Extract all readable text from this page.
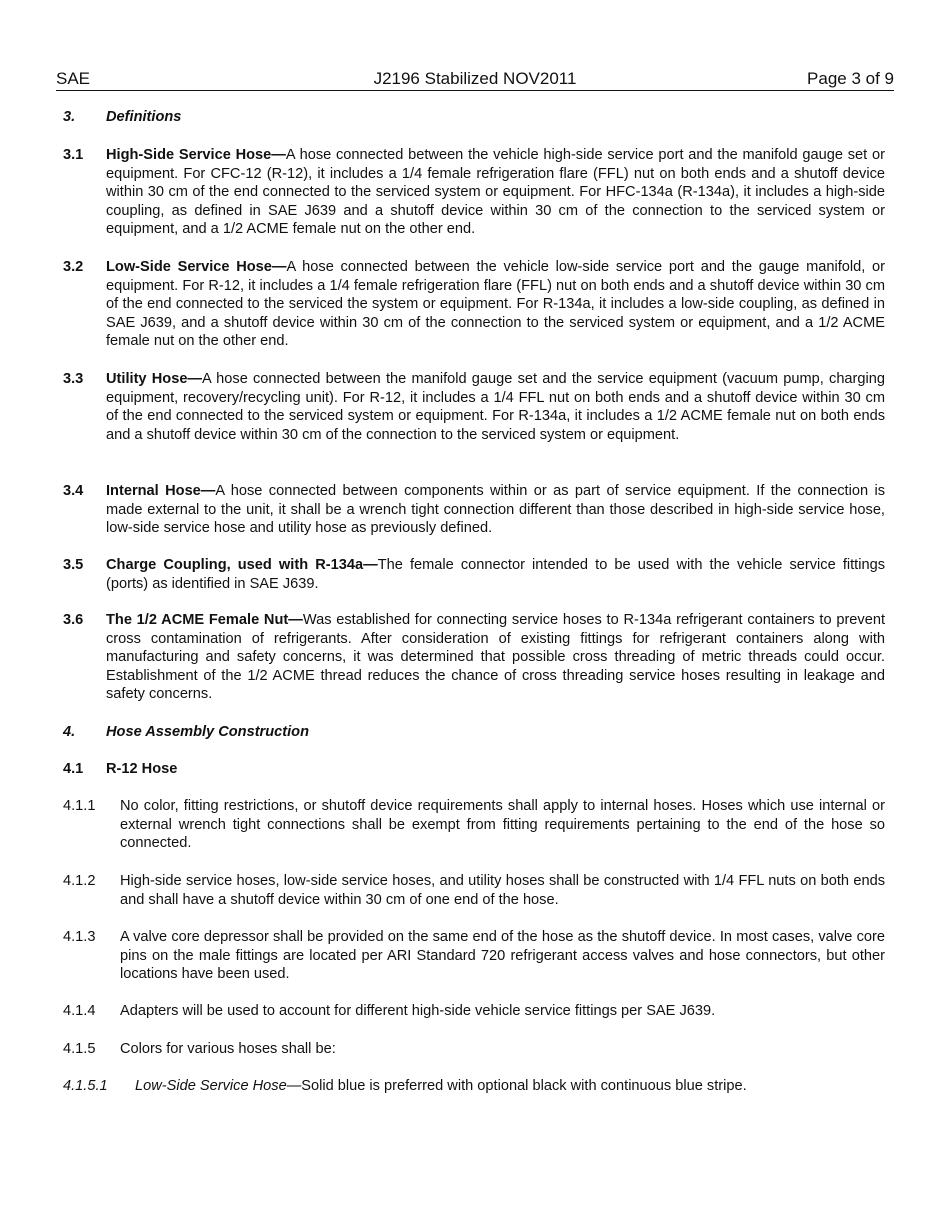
SAE	J2196 Stabilized NOV2011	Page 3 of 9
3. Definitions
3.1 High-Side Service Hose—A hose connected between the vehicle high-side service port and the manifold gauge set or equipment. For CFC-12 (R-12), it includes a 1/4 female refrigeration flare (FFL) nut on both ends and a shutoff device within 30 cm of the end connected to the serviced system or equipment. For HFC-134a (R-134a), it includes a high-side coupling, as defined in SAE J639 and a shutoff device within 30 cm of the connection to the serviced system or equipment, and a 1/2 ACME female nut on the other end.
3.2 Low-Side Service Hose—A hose connected between the vehicle low-side service port and the gauge manifold, or equipment. For R-12, it includes a 1/4 female refrigeration flare (FFL) nut on both ends and a shutoff device within 30 cm of the end connected to the serviced the system or equipment. For R-134a, it includes a low-side coupling, as defined in SAE J639, and a shutoff device within 30 cm of the connection to the serviced system or equipment, and a 1/2 ACME female nut on the other end.
3.3 Utility Hose—A hose connected between the manifold gauge set and the service equipment (vacuum pump, charging equipment, recovery/recycling unit). For R-12, it includes a 1/4 FFL nut on both ends and a shutoff device within 30 cm of the end connected to the serviced system or equipment. For R-134a, it includes a 1/2 ACME female nut on both ends and a shutoff device within 30 cm of the connection to the serviced system or equipment.
3.4 Internal Hose—A hose connected between components within or as part of service equipment. If the connection is made external to the unit, it shall be a wrench tight connection different than those described in high-side service hose, low-side service hose and utility hose as previously defined.
3.5 Charge Coupling, used with R-134a—The female connector intended to be used with the vehicle service fittings (ports) as identified in SAE J639.
3.6 The 1/2 ACME Female Nut—Was established for connecting service hoses to R-134a refrigerant containers to prevent cross contamination of refrigerants. After consideration of existing fittings for refrigerant containers along with manufacturing and safety concerns, it was determined that possible cross threading of metric threads could occur. Establishment of the 1/2 ACME thread reduces the chance of cross threading service hoses resulting in leakage and safety concerns.
4. Hose Assembly Construction
4.1 R-12 Hose
4.1.1 No color, fitting restrictions, or shutoff device requirements shall apply to internal hoses. Hoses which use internal or external wrench tight connections shall be exempt from fitting requirements pertaining to the end of the hose so connected.
4.1.2 High-side service hoses, low-side service hoses, and utility hoses shall be constructed with 1/4 FFL nuts on both ends and shall have a shutoff device within 30 cm of one end of the hose.
4.1.3 A valve core depressor shall be provided on the same end of the hose as the shutoff device. In most cases, valve core pins on the male fittings are located per ARI Standard 720 refrigerant access valves and hose connectors, but other locations have been used.
4.1.4 Adapters will be used to account for different high-side vehicle service fittings per SAE J639.
4.1.5 Colors for various hoses shall be:
4.1.5.1 Low-Side Service Hose—Solid blue is preferred with optional black with continuous blue stripe.
